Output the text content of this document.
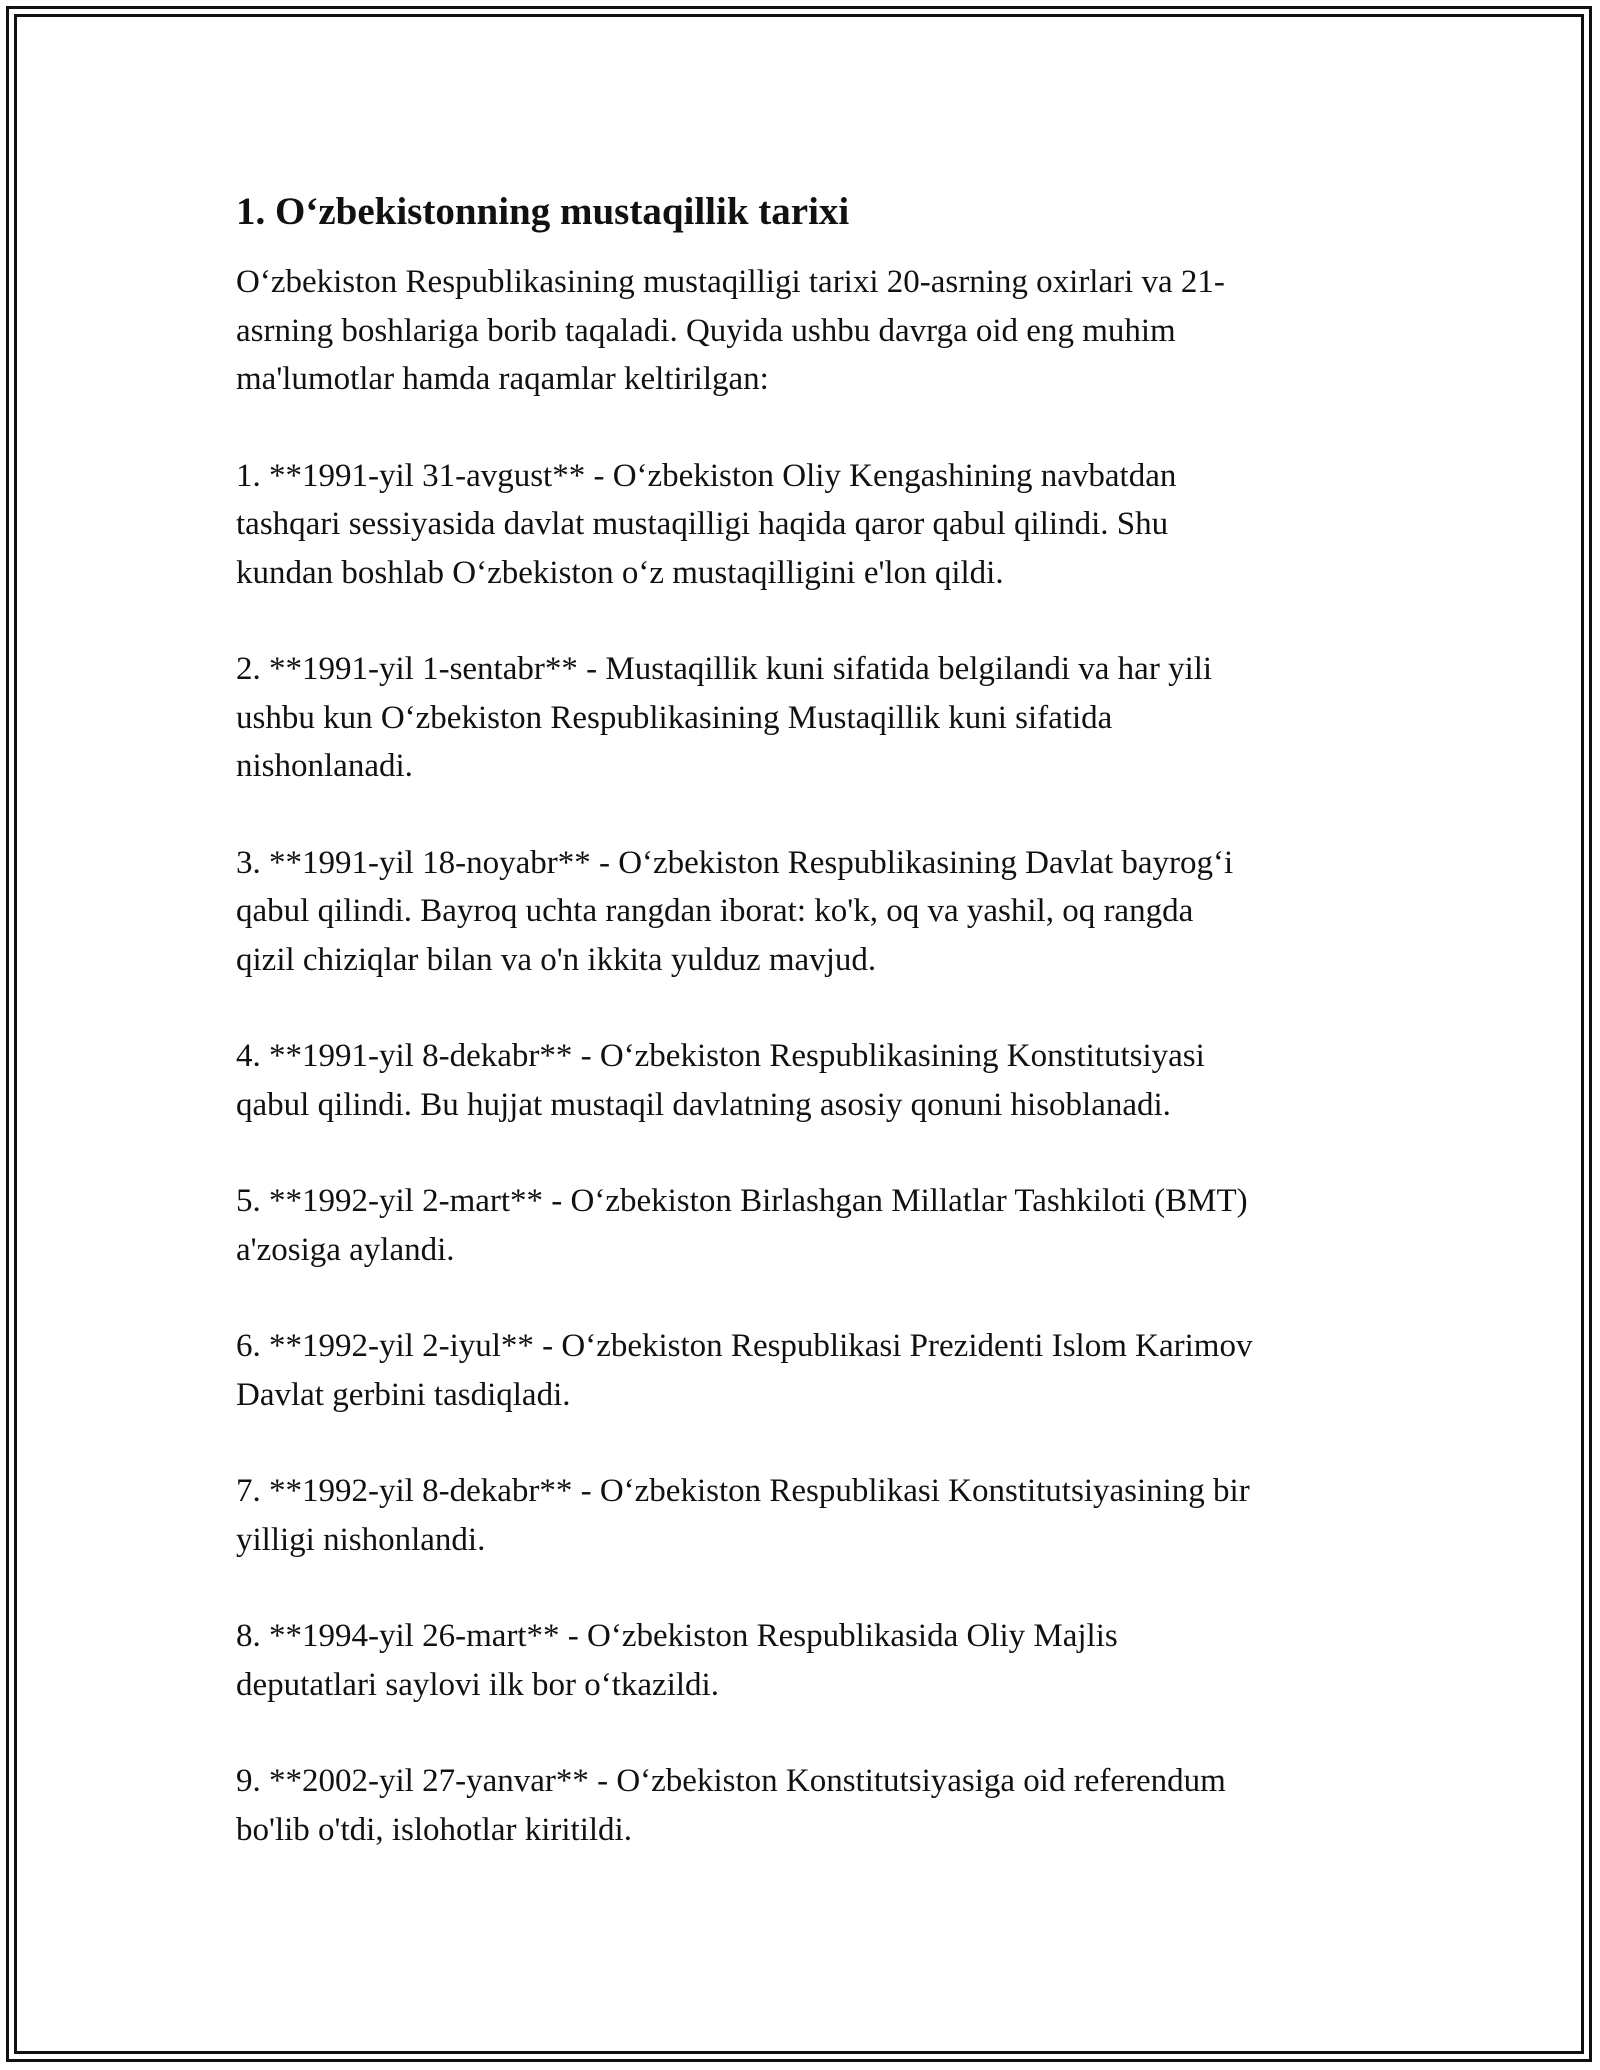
1. O‘zbekistonning mustaqillik tarixi

O‘zbekiston Respublikasining mustaqilligi tarixi 20-asrning oxirlari va 21-
asrning boshlariga borib taqaladi. Quyida ushbu davrga oid eng muhim
ma'lumotlar hamda raqamlar keltirilgan:

1. **1991-yil 31-avgust** - O‘zbekiston Oliy Kengashining navbatdan
tashqari sessiyasida davlat mustaqilligi haqida qaror qabul qilindi. Shu
kundan boshlab O‘zbekiston o‘z mustaqilligini e'lon qildi.

2. **1991-yil 1-sentabr** - Mustaqillik kuni sifatida belgilandi va har yili
ushbu kun O‘zbekiston Respublikasining Mustaqillik kuni sifatida
nishonlanadi.

3. **1991-yil 18-noyabr** - O‘zbekiston Respublikasining Davlat bayrog‘i
qabul qilindi. Bayroq uchta rangdan iborat: ko'k, oq va yashil, oq rangda
qizil chiziqlar bilan va o'n ikkita yulduz mavjud.

4. **1991-yil 8-dekabr** - O‘zbekiston Respublikasining Konstitutsiyasi
qabul qilindi. Bu hujjat mustaqil davlatning asosiy qonuni hisoblanadi.

5. **1992-yil 2-mart** - O‘zbekiston Birlashgan Millatlar Tashkiloti (BMT)
a'zosiga aylandi.

6. **1992-yil 2-iyul** - O‘zbekiston Respublikasi Prezidenti Islom Karimov
Davlat gerbini tasdiqladi.

7. **1992-yil 8-dekabr** - O‘zbekiston Respublikasi Konstitutsiyasining bir
yilligi nishonlandi.

8. **1994-yil 26-mart** - O‘zbekiston Respublikasida Oliy Majlis
deputatlari saylovi ilk bor o‘tkazildi.

9. **2002-yil 27-yanvar** - O‘zbekiston Konstitutsiyasiga oid referendum
bo'lib o'tdi, islohotlar kiritildi.
